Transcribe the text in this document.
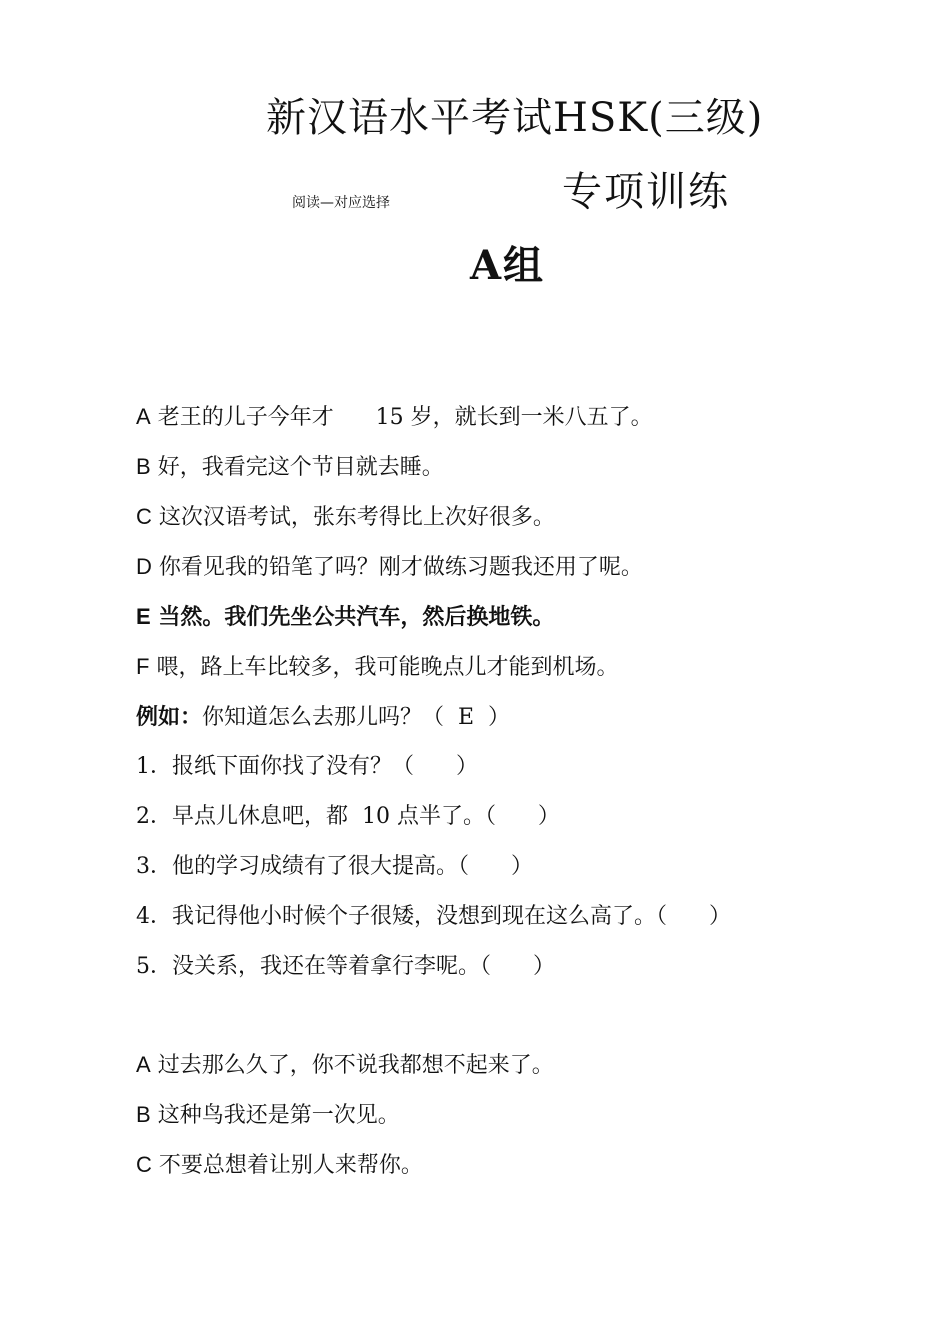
新汉语水平考试HSK(三级)
阅读—对应选择	专项训练
A组
A 老王的儿子今年才      15 岁，就长到一米八五了。
B 好，我看完这个节目就去睡。
C 这次汉语考试，张东考得比上次好很多。
D 你看见我的铅笔了吗？刚才做练习题我还用了呢。
E 当然。我们先坐公共汽车，然后换地铁。
F 喂，路上车比较多，我可能晚点儿才能到机场。
例如：你知道怎么去那儿吗？（  E  ）
1．报纸下面你找了没有？（      ）
2．早点儿休息吧，都  10 点半了。（      ）
3．他的学习成绩有了很大提高。（      ）
4．我记得他小时候个子很矮，没想到现在这么高了。（      ）
5．没关系，我还在等着拿行李呢。（      ）
A 过去那么久了，你不说我都想不起来了。
B 这种鸟我还是第一次见。
C 不要总想着让别人来帮你。
